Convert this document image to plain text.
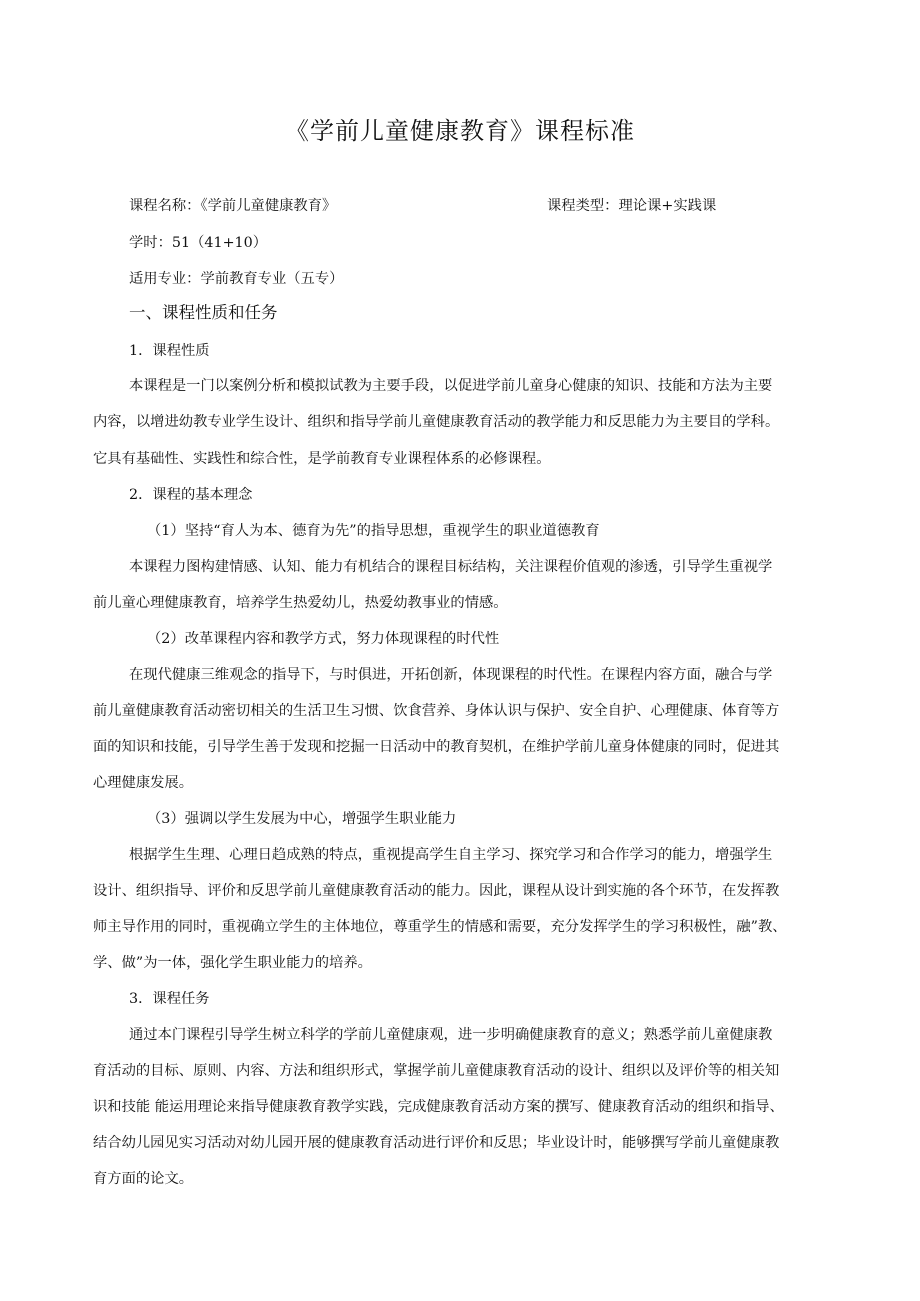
《学前儿童健康教育》课程标准
课程名称：《学前儿童健康教育》	课程类型：理论课+实践课
学时：51（41+10）
适用专业：学前教育专业（五专）
一、课程性质和任务
1．课程性质
本课程是一门以案例分析和模拟试教为主要手段，以促进学前儿童身心健康的知识、技能和方法为主要
内容，以增进幼教专业学生设计、组织和指导学前儿童健康教育活动的教学能力和反思能力为主要目的学科。
它具有基础性、实践性和综合性，是学前教育专业课程体系的必修课程。
2．课程的基本理念
（1）坚持“育人为本、德育为先”的指导思想，重视学生的职业道德教育
本课程力图构建情感、认知、能力有机结合的课程目标结构，关注课程价值观的渗透，引导学生重视学
前儿童心理健康教育，培养学生热爱幼儿，热爱幼教事业的情感。
（2）改革课程内容和教学方式，努力体现课程的时代性
在现代健康三维观念的指导下，与时俱进，开拓创新，体现课程的时代性。在课程内容方面，融合与学
前儿童健康教育活动密切相关的生活卫生习惯、饮食营养、身体认识与保护、安全自护、心理健康、体育等方
面的知识和技能，引导学生善于发现和挖掘一日活动中的教育契机，在维护学前儿童身体健康的同时，促进其
心理健康发展。
（3）强调以学生发展为中心，增强学生职业能力
根据学生生理、心理日趋成熟的特点，重视提高学生自主学习、探究学习和合作学习的能力，增强学生
设计、组织指导、评价和反思学前儿童健康教育活动的能力。因此，课程从设计到实施的各个环节，在发挥教
师主导作用的同时，重视确立学生的主体地位，尊重学生的情感和需要，充分发挥学生的学习积极性，融”教、
学、做”为一体，强化学生职业能力的培养。
3．课程任务
通过本门课程引导学生树立科学的学前儿童健康观，进一步明确健康教育的意义；熟悉学前儿童健康教
育活动的目标、原则、内容、方法和组织形式，掌握学前儿童健康教育活动的设计、组织以及评价等的相关知
识和技能 能运用理论来指导健康教育教学实践，完成健康教育活动方案的撰写、健康教育活动的组织和指导、
结合幼儿园见实习活动对幼儿园开展的健康教育活动进行评价和反思；毕业设计时，能够撰写学前儿童健康教
育方面的论文。
